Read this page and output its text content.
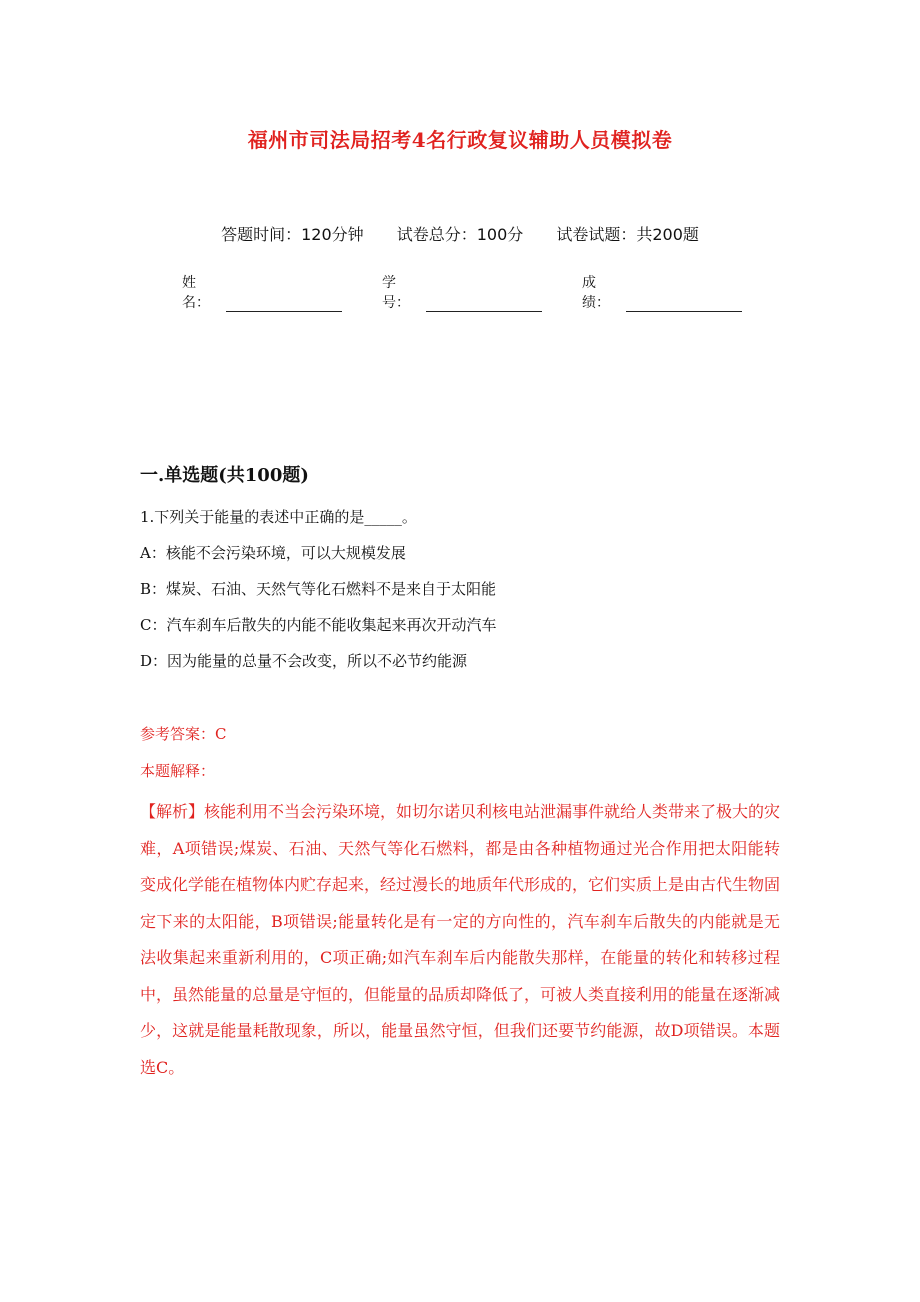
福州市司法局招考4名行政复议辅助人员模拟卷
答题时间：120分钟 试卷总分：100分 试卷试题：共200题
姓名：
学号：
成绩：
一.单选题(共100题)
1.下列关于能量的表述中正确的是_____。
A：核能不会污染环境，可以大规模发展
B：煤炭、石油、天然气等化石燃料不是来自于太阳能
C：汽车刹车后散失的内能不能收集起来再次开动汽车
D：因为能量的总量不会改变，所以不必节约能源
参考答案：C
本题解释：
【解析】核能利用不当会污染环境，如切尔诺贝利核电站泄漏事件就给人类带来了极大的灾难，A项错误;煤炭、石油、天然气等化石燃料，都是由各种植物通过光合作用把太阳能转变成化学能在植物体内贮存起来，经过漫长的地质年代形成的，它们实质上是由古代生物固定下来的太阳能，B项错误;能量转化是有一定的方向性的，汽车刹车后散失的内能就是无法收集起来重新利用的，C项正确;如汽车刹车后内能散失那样，在能量的转化和转移过程中，虽然能量的总量是守恒的，但能量的品质却降低了，可被人类直接利用的能量在逐渐减少，这就是能量耗散现象，所以，能量虽然守恒，但我们还要节约能源，故D项错误。本题选C。
